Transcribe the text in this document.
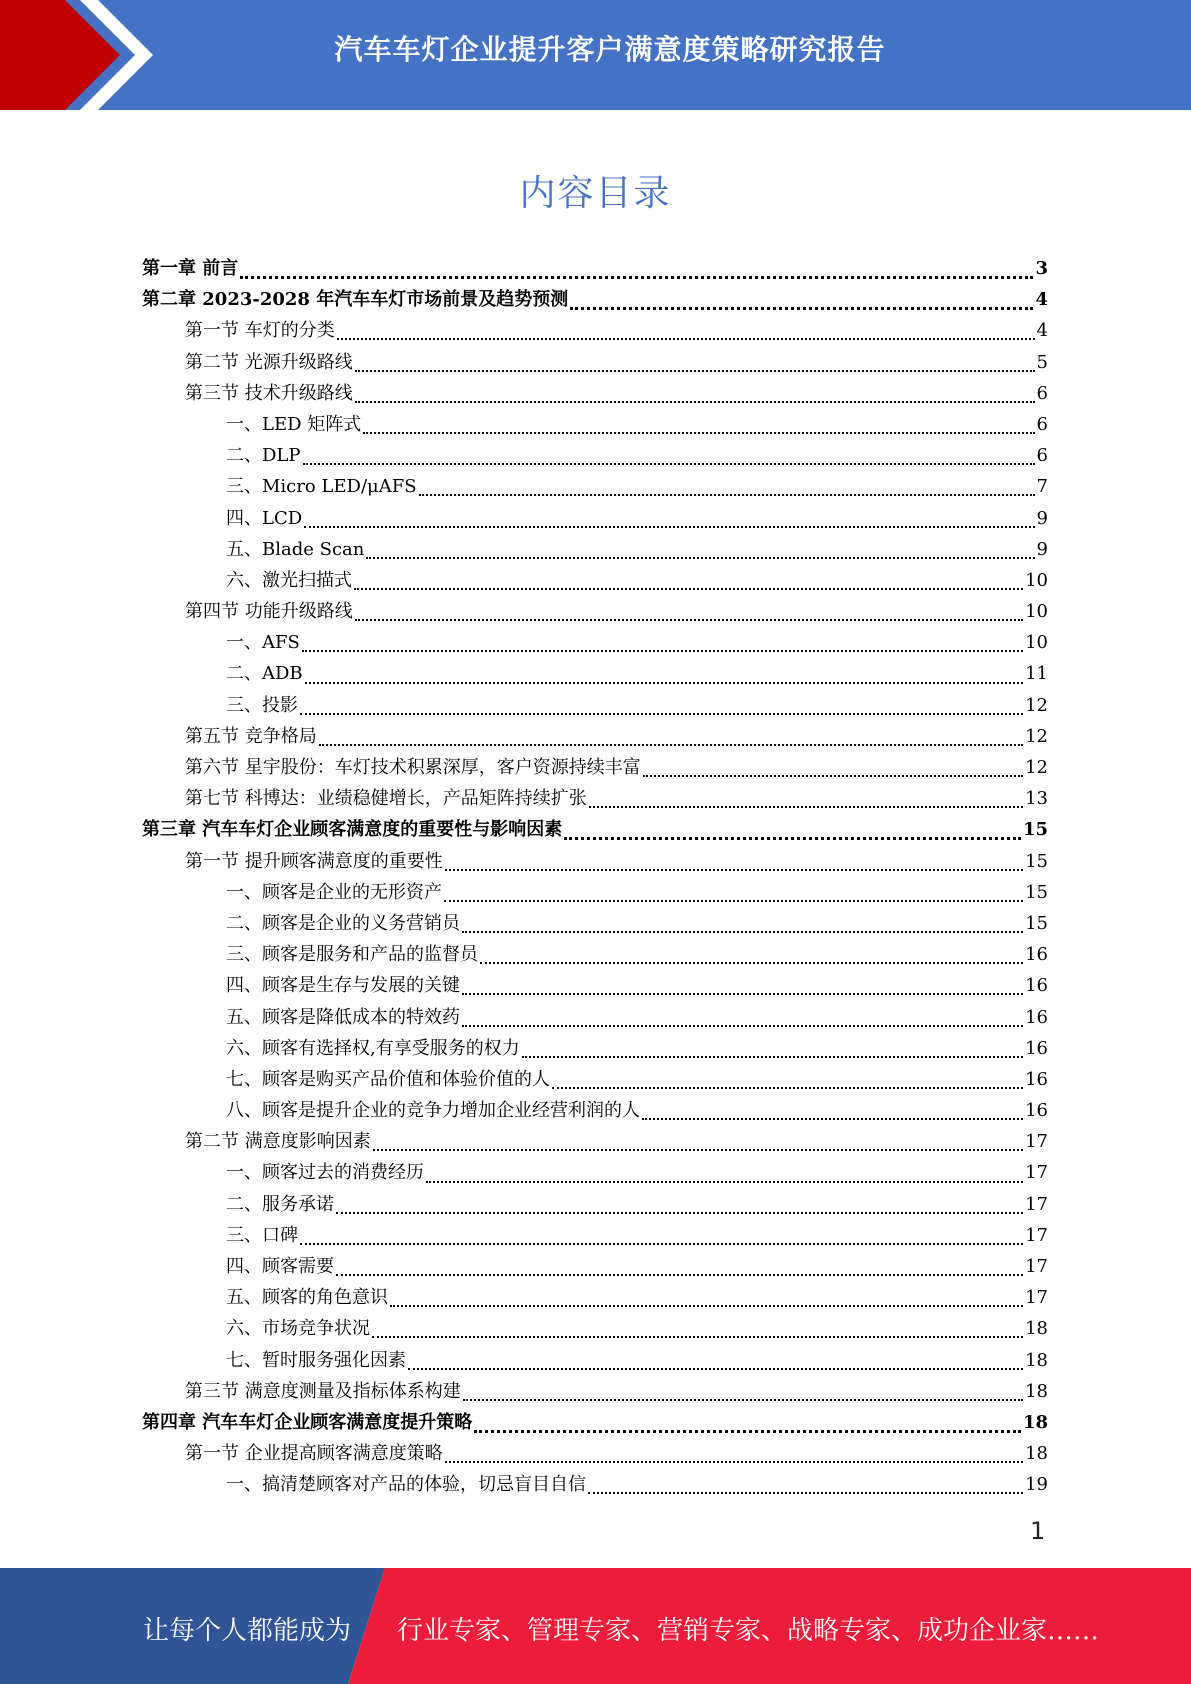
汽车车灯企业提升客户满意度策略研究报告
内容目录
第一章 前言	3
第二章 2023-2028 年汽车车灯市场前景及趋势预测	4
第一节 车灯的分类	4
第二节 光源升级路线	5
第三节 技术升级路线	6
一、LED 矩阵式	6
二、DLP	6
三、Micro LED/μAFS	7
四、LCD	9
五、Blade Scan	9
六、激光扫描式	10
第四节 功能升级路线	10
一、AFS	10
二、ADB	11
三、投影	12
第五节 竞争格局	12
第六节 星宇股份：车灯技术积累深厚，客户资源持续丰富	12
第七节 科博达：业绩稳健增长，产品矩阵持续扩张	13
第三章 汽车车灯企业顾客满意度的重要性与影响因素	15
第一节 提升顾客满意度的重要性	15
一、顾客是企业的无形资产	15
二、顾客是企业的义务营销员	15
三、顾客是服务和产品的监督员	16
四、顾客是生存与发展的关键	16
五、顾客是降低成本的特效药	16
六、顾客有选择权,有享受服务的权力	16
七、顾客是购买产品价值和体验价值的人	16
八、顾客是提升企业的竞争力增加企业经营利润的人	16
第二节 满意度影响因素	17
一、顾客过去的消费经历	17
二、服务承诺	17
三、口碑	17
四、顾客需要	17
五、顾客的角色意识	17
六、市场竞争状况	18
七、暂时服务强化因素	18
第三节 满意度测量及指标体系构建	18
第四章 汽车车灯企业顾客满意度提升策略	18
第一节 企业提高顾客满意度策略	18
一、搞清楚顾客对产品的体验，切忌盲目自信	19
1
让每个人都能成为 行业专家、管理专家、营销专家、战略专家、成功企业家……
